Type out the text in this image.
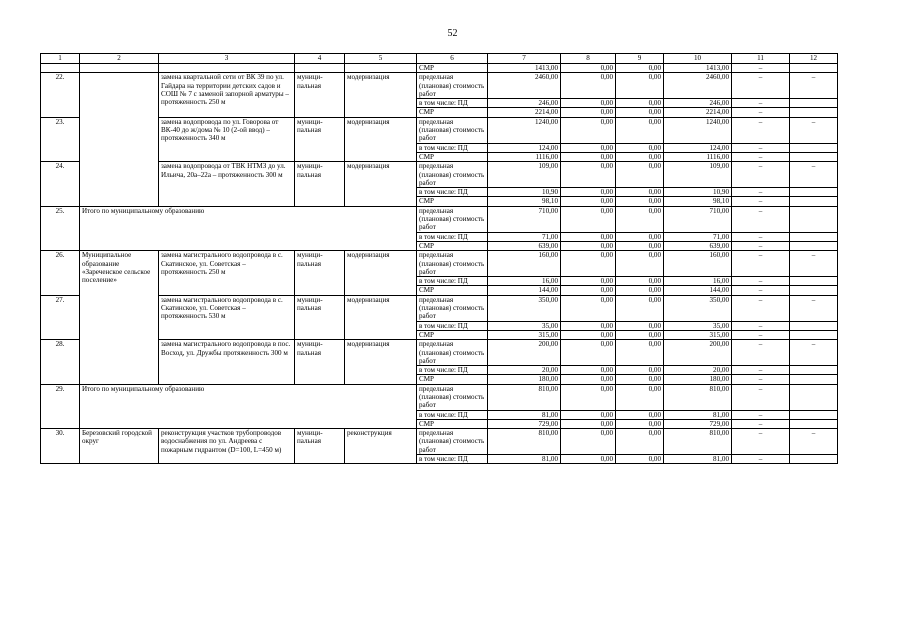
52
1	2	3	4	5	6	7	8	9	10	11	12
					СМР	1413,00	0,00	0,00	1413,00	–	
22.		замена квартальной сети от ВК 39 по ул. Гайдара на территории детских садов и СОШ № 7 с заменой запорной арматуры – протяженность 250 м	муници-пальная	модернизация	предельная (плановая) стоимость работ	2460,00	0,00	0,00	2460,00	–	–
					в том числе: ПД	246,00	0,00	0,00	246,00	–	
					СМР	2214,00	0,00	0,00	2214,00	–	
23.		замена водопровода по ул. Говорова от ВК-40 до ж/дома № 10 (2-ой ввод) – протяженность 340 м	муници-пальная	модернизация	предельная (плановая) стоимость работ	1240,00	0,00	0,00	1240,00	–	–
					в том числе: ПД	124,00	0,00	0,00	124,00	–	
					СМР	1116,00	0,00	0,00	1116,00	–	
24.		замена водопровода от ТВК НТМЗ до ул. Ильича, 20а–22а – протяженность 300 м	муници-пальная	модернизация	предельная (плановая) стоимость работ	109,00	0,00	0,00	109,00	–	–
					в том числе: ПД	10,90	0,00	0,00	10,90	–	
					СМР	98,10	0,00	0,00	98,10	–	
25.	Итого по муниципальному образованию				предельная (плановая) стоимость работ	710,00	0,00	0,00	710,00	–	
					в том числе: ПД	71,00	0,00	0,00	71,00	–	
					СМР	639,00	0,00	0,00	639,00	–	
26.	Муниципальное образование «Зареченское сельское поселение»	замена магистрального водопровода в с. Скатинское, ул. Советская – протяженность 250 м	муници-пальная	модернизация	предельная (плановая) стоимость работ	160,00	0,00	0,00	160,00	–	–
					в том числе: ПД	16,00	0,00	0,00	16,00	–	
					СМР	144,00	0,00	0,00	144,00	–	
27.		замена магистрального водопровода в с. Скатинское, ул. Советская – протяженность 530 м	муници-пальная	модернизация	предельная (плановая) стоимость работ	350,00	0,00	0,00	350,00	–	–
					в том числе: ПД	35,00	0,00	0,00	35,00	–	
					СМР	315,00	0,00	0,00	315,00	–	
28.		замена магистрального водопровода в пос. Восход, ул. Дружбы протяженность 300 м	муници-пальная	модернизация	предельная (плановая) стоимость работ	200,00	0,00	0,00	200,00	–	–
					в том числе: ПД	20,00	0,00	0,00	20,00	–	
					СМР	180,00	0,00	0,00	180,00	–	
29.	Итого по муниципальному образованию				предельная (плановая) стоимость работ	810,00	0,00	0,00	810,00	–	
					в том числе: ПД	81,00	0,00	0,00	81,00	–	
					СМР	729,00	0,00	0,00	729,00	–	
30.	Березовский городской округ	реконструкция участков трубопроводов водоснабжения по ул. Андреева с пожарным гидрантом (D=100, L=450 м)	муници-пальная	реконструкция	предельная (плановая) стоимость работ	810,00	0,00	0,00	810,00	–	–
					в том числе: ПД	81,00	0,00	0,00	81,00	–	
